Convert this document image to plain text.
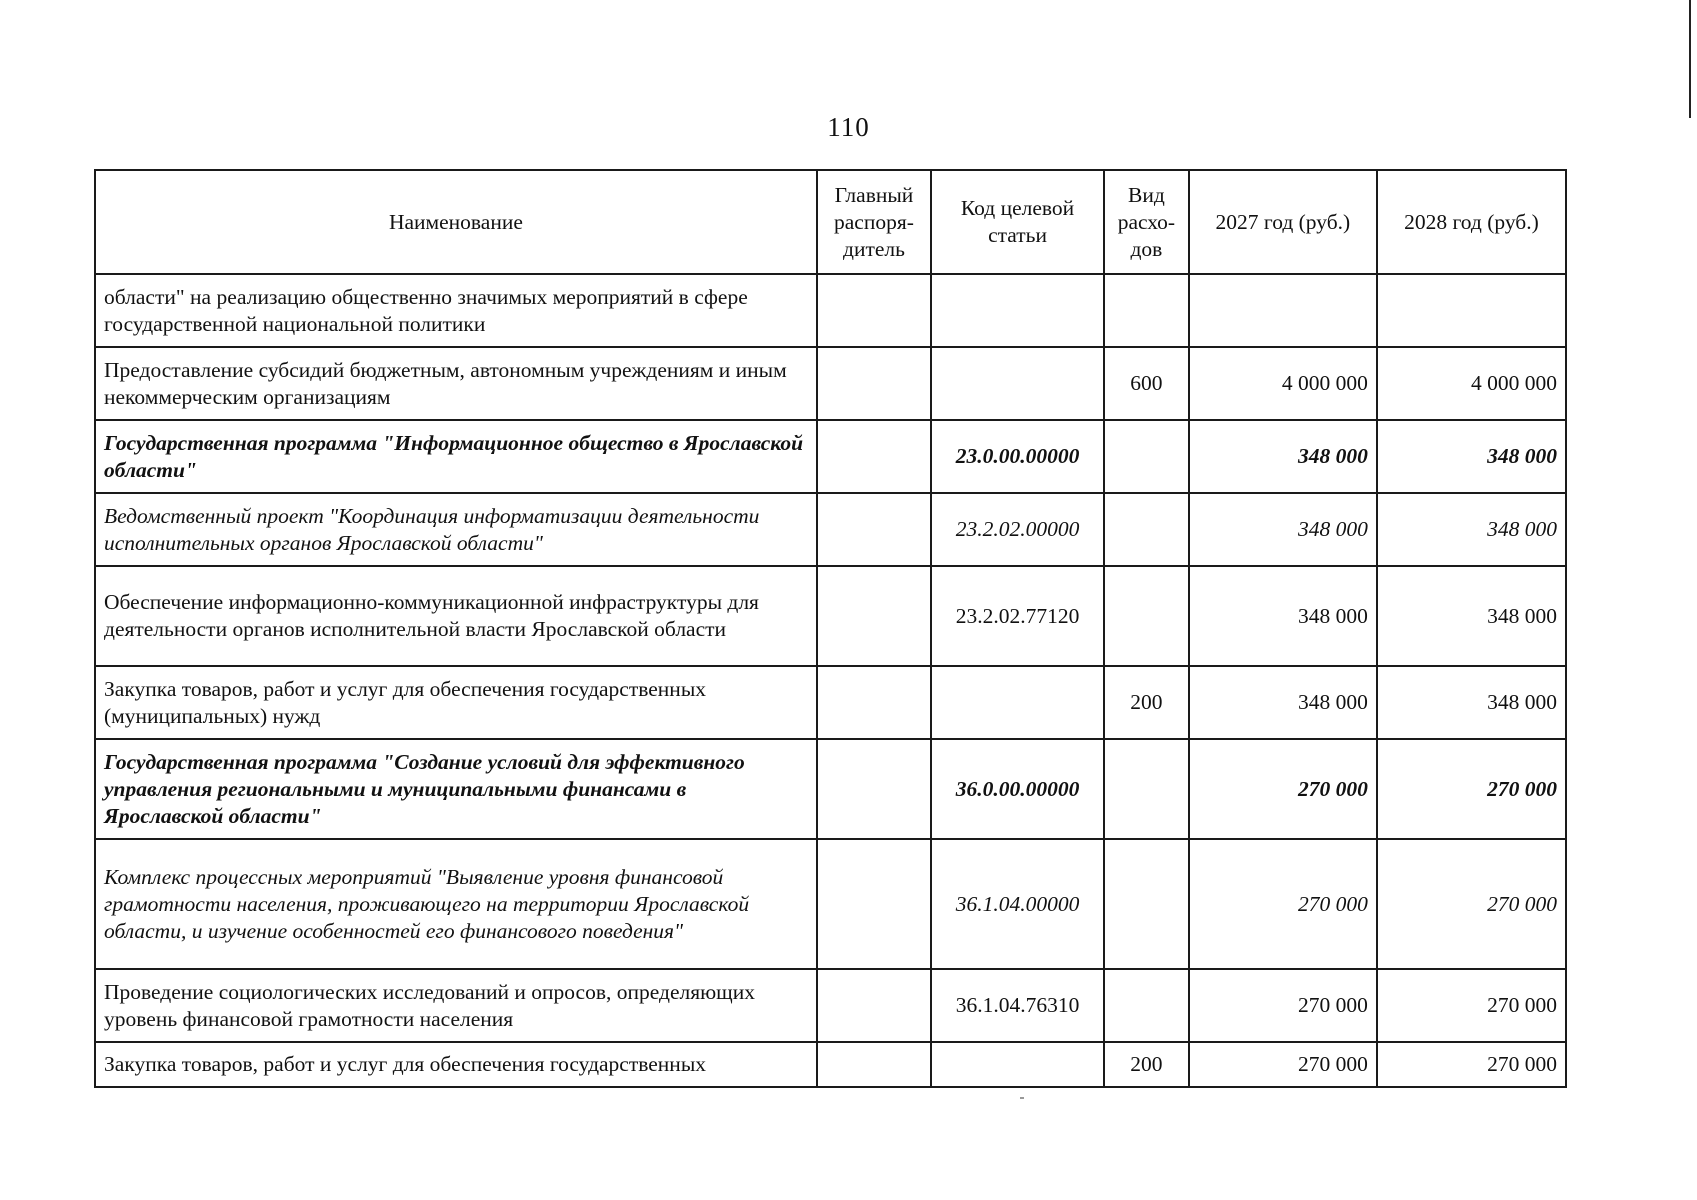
110
Наименование	Главный распоря-дитель	Код целевой статьи	Вид расхо-дов	2027 год (руб.)	2028 год (руб.)
области" на реализацию общественно значимых мероприятий в сфере государственной национальной политики					
Предоставление субсидий бюджетным, автономным учреждениям и иным некоммерческим организациям			600	4 000 000	4 000 000
Государственная программа "Информационное общество в Ярославской области"		23.0.00.00000		348 000	348 000
Ведомственный проект "Координация информатизации деятельности исполнительных органов Ярославской области"		23.2.02.00000		348 000	348 000
Обеспечение информационно-коммуникационной инфраструктуры для деятельности органов исполнительной власти Ярославской области		23.2.02.77120		348 000	348 000
Закупка товаров, работ и услуг для обеспечения государственных (муниципальных) нужд			200	348 000	348 000
Государственная программа "Создание условий для эффективного управления региональными и муниципальными финансами в Ярославской области"		36.0.00.00000		270 000	270 000
Комплекс процессных мероприятий "Выявление уровня финансовой грамотности населения, проживающего на территории Ярославской области, и изучение особенностей его финансового поведения"		36.1.04.00000		270 000	270 000
Проведение социологических исследований и опросов, определяющих уровень финансовой грамотности населения		36.1.04.76310		270 000	270 000
Закупка товаров, работ и услуг для обеспечения государственных			200	270 000	270 000
